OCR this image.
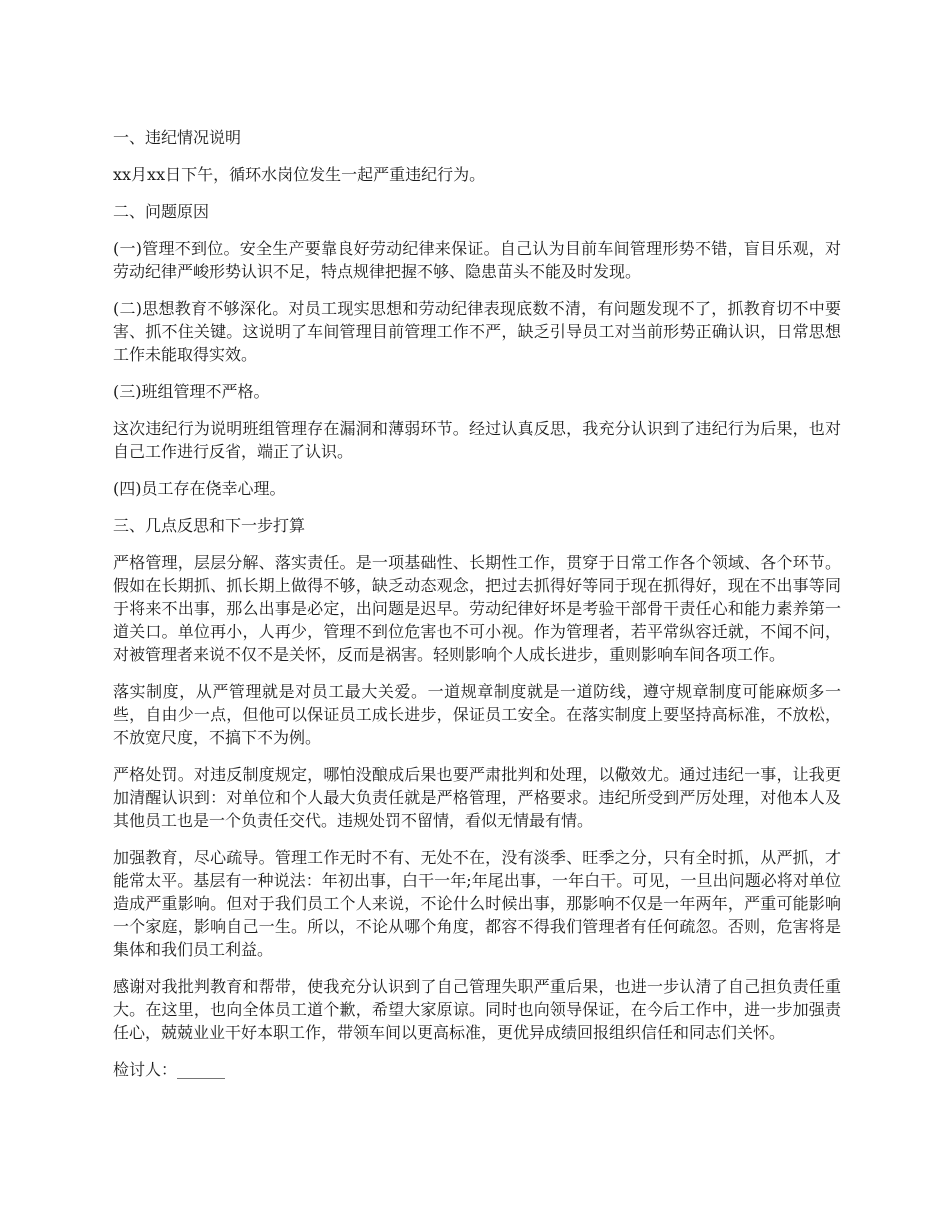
一、违纪情况说明

xx月xx日下午，循环水岗位发生一起严重违纪行为。

二、问题原因

(一)管理不到位。安全生产要靠良好劳动纪律来保证。自己认为目前车间管理形势不错，盲目乐观，对劳动纪律严峻形势认识不足，特点规律把握不够、隐患苗头不能及时发现。

(二)思想教育不够深化。对员工现实思想和劳动纪律表现底数不清，有问题发现不了，抓教育切不中要害、抓不住关键。这说明了车间管理目前管理工作不严，缺乏引导员工对当前形势正确认识，日常思想工作未能取得实效。

(三)班组管理不严格。

这次违纪行为说明班组管理存在漏洞和薄弱环节。经过认真反思，我充分认识到了违纪行为后果，也对自己工作进行反省，端正了认识。

(四)员工存在侥幸心理。

三、几点反思和下一步打算

严格管理，层层分解、落实责任。是一项基础性、长期性工作，贯穿于日常工作各个领域、各个环节。假如在长期抓、抓长期上做得不够，缺乏动态观念，把过去抓得好等同于现在抓得好，现在不出事等同于将来不出事，那么出事是必定，出问题是迟早。劳动纪律好坏是考验干部骨干责任心和能力素养第一道关口。单位再小，人再少，管理不到位危害也不可小视。作为管理者，若平常纵容迁就，不闻不问，对被管理者来说不仅不是关怀，反而是祸害。轻则影响个人成长进步，重则影响车间各项工作。

落实制度，从严管理就是对员工最大关爱。一道规章制度就是一道防线，遵守规章制度可能麻烦多一些，自由少一点，但他可以保证员工成长进步，保证员工安全。在落实制度上要坚持高标准，不放松，不放宽尺度，不搞下不为例。

严格处罚。对违反制度规定，哪怕没酿成后果也要严肃批判和处理，以儆效尤。通过违纪一事，让我更加清醒认识到：对单位和个人最大负责任就是严格管理，严格要求。违纪所受到严厉处理，对他本人及其他员工也是一个负责任交代。违规处罚不留情，看似无情最有情。

加强教育，尽心疏导。管理工作无时不有、无处不在，没有淡季、旺季之分，只有全时抓，从严抓，才能常太平。基层有一种说法：年初出事，白干一年;年尾出事，一年白干。可见，一旦出问题必将对单位造成严重影响。但对于我们员工个人来说，不论什么时候出事，那影响不仅是一年两年，严重可能影响一个家庭，影响自己一生。所以，不论从哪个角度，都容不得我们管理者有任何疏忽。否则，危害将是集体和我们员工利益。

感谢对我批判教育和帮带，使我充分认识到了自己管理失职严重后果，也进一步认清了自己担负责任重大。在这里，也向全体员工道个歉，希望大家原谅。同时也向领导保证，在今后工作中，进一步加强责任心，兢兢业业干好本职工作，带领车间以更高标准，更优异成绩回报组织信任和同志们关怀。

检讨人：______
